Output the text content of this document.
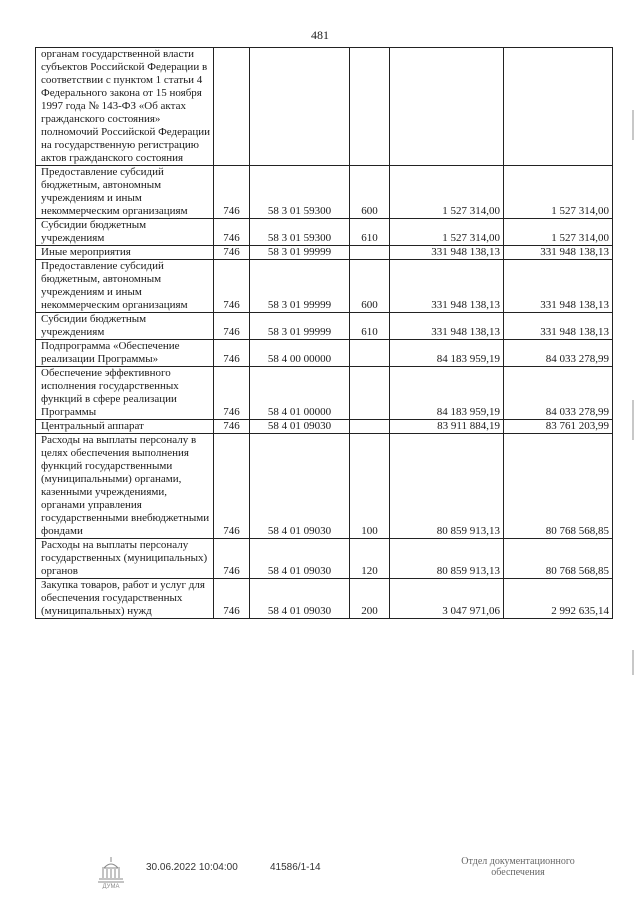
481
органам государственной власти субъектов Российской Федерации в соответствии с пунктом 1 статьи 4 Федерального закона от 15 ноября 1997 года № 143-ФЗ «Об актах гражданского состояния» полномочий Российской Федерации на государственную регистрацию актов гражданского состояния					

Предоставление субсидий бюджетным, автономным учреждениям и иным некоммерческим организациям	746	58 3 01 59300	600	1 527 314,00	1 527 314,00

Субсидии бюджетным учреждениям	746	58 3 01 59300	610	1 527 314,00	1 527 314,00

Иные мероприятия	746	58 3 01 99999		331 948 138,13	331 948 138,13

Предоставление субсидий бюджетным, автономным учреждениям и иным некоммерческим организациям	746	58 3 01 99999	600	331 948 138,13	331 948 138,13

Субсидии бюджетным учреждениям	746	58 3 01 99999	610	331 948 138,13	331 948 138,13

Подпрограмма «Обеспечение реализации Программы»	746	58 4 00 00000		84 183 959,19	84 033 278,99

Обеспечение эффективного исполнения государственных функций в сфере реализации Программы	746	58 4 01 00000		84 183 959,19	84 033 278,99

Центральный аппарат	746	58 4 01 09030		83 911 884,19	83 761 203,99

Расходы на выплаты персоналу в целях обеспечения выполнения функций государственными (муниципальными) органами, казенными учреждениями, органами управления государственными внебюджетными фондами	746	58 4 01 09030	100	80 859 913,13	80 768 568,85

Расходы на выплаты персоналу государственных (муниципальных) органов	746	58 4 01 09030	120	80 859 913,13	80 768 568,85

Закупка товаров, работ и услуг для обеспечения государственных (муниципальных) нужд	746	58 4 01 09030	200	3 047 971,06	2 992 635,14
ДУМА
30.06.2022 10:04:00	41586/1-14
Отдел документационного обеспечения
